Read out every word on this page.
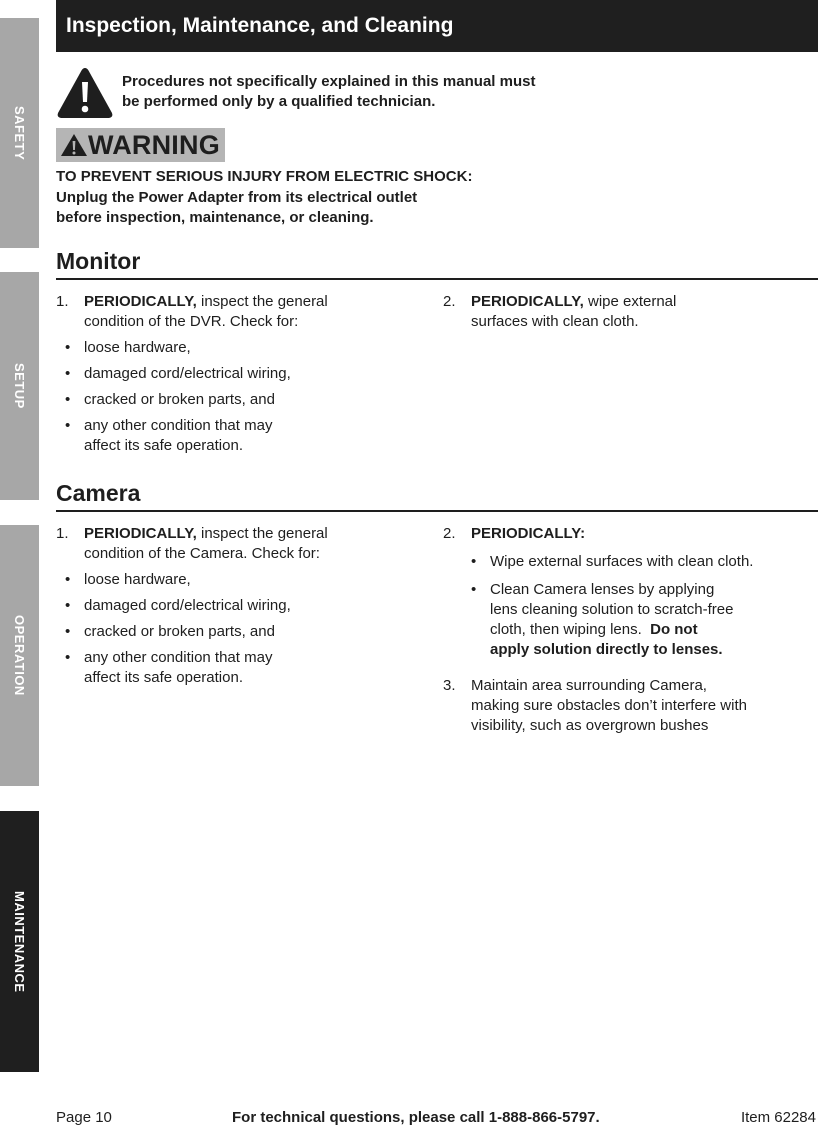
SAFETY
SETUP
OPERATION
MAINTENANCE
Inspection, Maintenance, and Cleaning
Procedures not specifically explained in this manual must
be performed only by a qualified technician.
WARNING
TO PREVENT SERIOUS INJURY FROM ELECTRIC SHOCK:
Unplug the Power Adapter from its electrical outlet
before inspection, maintenance, or cleaning.
Monitor
1. PERIODICALLY, inspect the general
condition of the DVR. Check for:
• loose hardware,
• damaged cord/electrical wiring,
• cracked or broken parts, and
• any other condition that may
affect its safe operation.
2. PERIODICALLY, wipe external
surfaces with clean cloth.
Camera
1. PERIODICALLY, inspect the general
condition of the Camera. Check for:
• loose hardware,
• damaged cord/electrical wiring,
• cracked or broken parts, and
• any other condition that may
affect its safe operation.
2. PERIODICALLY:
• Wipe external surfaces with clean cloth.
• Clean Camera lenses by applying
lens cleaning solution to scratch-free
cloth, then wiping lens. Do not
apply solution directly to lenses.
3. Maintain area surrounding Camera,
making sure obstacles don’t interfere with
visibility, such as overgrown bushes
Page 10	For technical questions, please call 1-888-866-5797.	Item 62284
